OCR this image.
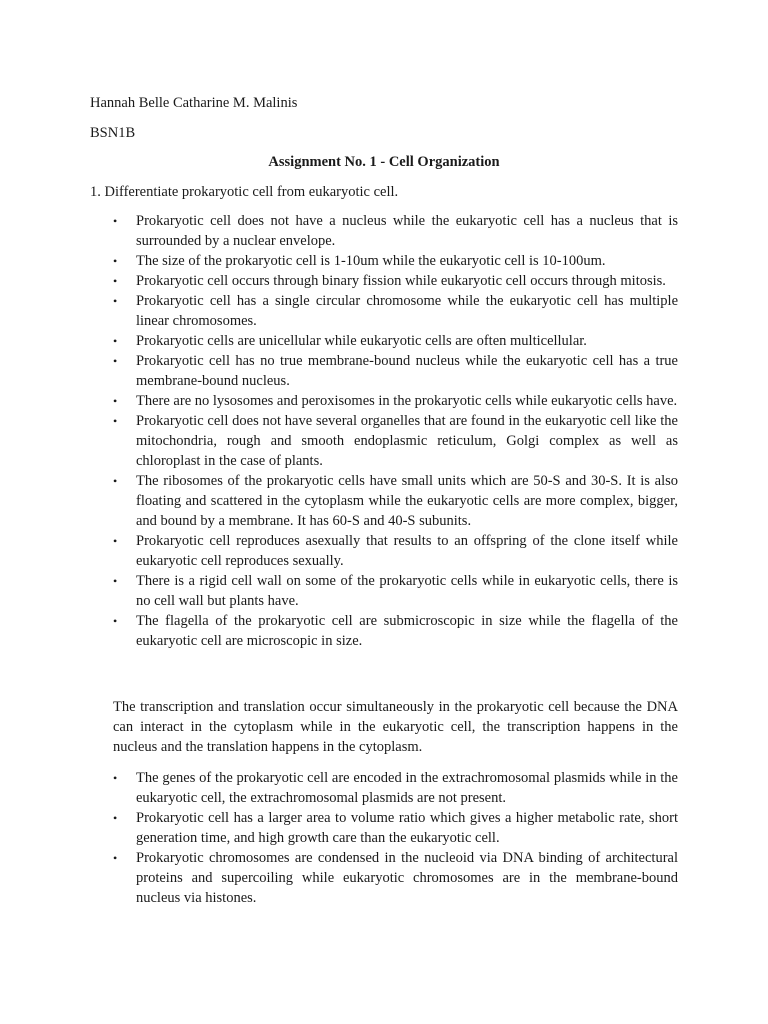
Hannah Belle Catharine M. Malinis
BSN1B
Assignment No. 1 - Cell Organization
1. Differentiate prokaryotic cell from eukaryotic cell.
•	Prokaryotic cell does not have a nucleus while the eukaryotic cell has a nucleus that is surrounded by a nuclear envelope.
•	The size of the prokaryotic cell is 1-10um while the eukaryotic cell is 10-100um.
•	Prokaryotic cell occurs through binary fission while eukaryotic cell occurs through mitosis.
•	Prokaryotic cell has a single circular chromosome while the eukaryotic cell has multiple linear chromosomes.
•	Prokaryotic cells are unicellular while eukaryotic cells are often multicellular.
•	Prokaryotic cell has no true membrane-bound nucleus while the eukaryotic cell has a true membrane-bound nucleus.
•	There are no lysosomes and peroxisomes in the prokaryotic cells while eukaryotic cells have.
•	Prokaryotic cell does not have several organelles that are found in the eukaryotic cell like the mitochondria, rough and smooth endoplasmic reticulum, Golgi complex as well as chloroplast in the case of plants.
•	The ribosomes of the prokaryotic cells have small units which are 50-S and 30-S. It is also floating and scattered in the cytoplasm while the eukaryotic cells are more complex, bigger, and bound by a membrane. It has 60-S and 40-S subunits.
•	Prokaryotic cell reproduces asexually that results to an offspring of the clone itself while eukaryotic cell reproduces sexually.
•	There is a rigid cell wall on some of the prokaryotic cells while in eukaryotic cells, there is no cell wall but plants have.
•	The flagella of the prokaryotic cell are submicroscopic in size while the flagella of the eukaryotic cell are microscopic in size.

The transcription and translation occur simultaneously in the prokaryotic cell because the DNA can interact in the cytoplasm while in the eukaryotic cell, the transcription happens in the nucleus and the translation happens in the cytoplasm.

•	The genes of the prokaryotic cell are encoded in the extrachromosomal plasmids while in the eukaryotic cell, the extrachromosomal plasmids are not present.
•	Prokaryotic cell has a larger area to volume ratio which gives a higher metabolic rate, short generation time, and high growth care than the eukaryotic cell.
•	Prokaryotic chromosomes are condensed in the nucleoid via DNA binding of architectural proteins and supercoiling while eukaryotic chromosomes are in the membrane-bound nucleus via histones.
